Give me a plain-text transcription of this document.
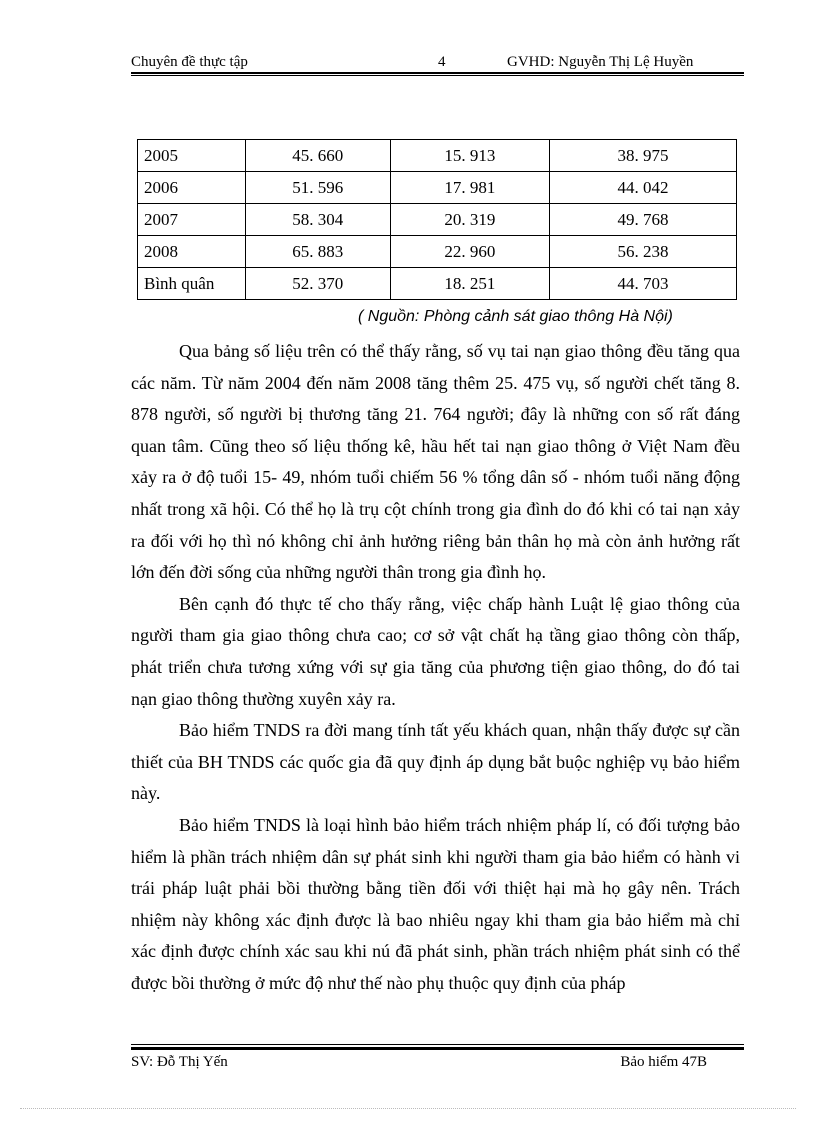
Chuyên đề thực tập	4	GVHD: Nguyễn Thị Lệ Huyền
2005	45. 660	15. 913	38. 975
2006	51. 596	17. 981	44. 042
2007	58. 304	20. 319	49. 768
2008	65. 883	22. 960	56. 238
Bình quân	52. 370	18. 251	44. 703
( Nguồn: Phòng cảnh sát giao thông Hà Nội)

Qua bảng số liệu trên có thể thấy rằng, số vụ tai nạn giao thông đều tăng qua các năm. Từ năm 2004 đến năm 2008 tăng thêm 25. 475 vụ, số người chết tăng 8. 878 người, số người bị thương tăng 21. 764 người; đây là những con số rất đáng quan tâm. Cũng theo số liệu thống kê, hầu hết tai nạn giao thông ở Việt Nam đều xảy ra ở độ tuổi 15- 49, nhóm tuổi chiếm 56 % tổng dân số - nhóm tuổi năng động nhất trong xã hội. Có thể họ là trụ cột chính trong gia đình do đó khi có tai nạn xảy ra đối với họ thì nó không chỉ ảnh hưởng riêng bản thân họ mà còn ảnh hưởng rất lớn đến đời sống của những người thân trong gia đình họ.

Bên cạnh đó thực tế cho thấy rằng, việc chấp hành Luật lệ giao thông của người tham gia giao thông chưa cao; cơ sở vật chất hạ tầng giao thông còn thấp, phát triển chưa tương xứng với sự gia tăng của phương tiện giao thông, do đó tai nạn giao thông thường xuyên xảy ra.

Bảo hiểm TNDS ra đời mang tính tất yếu khách quan, nhận thấy được sự cần thiết của BH TNDS các quốc gia đã quy định áp dụng bắt buộc nghiệp vụ bảo hiểm này.

Bảo hiểm TNDS là loại hình bảo hiểm trách nhiệm pháp lí, có đối tượng bảo hiểm là phần trách nhiệm dân sự phát sinh khi người tham gia bảo hiểm có hành vi trái pháp luật phải bồi thường bằng tiền đối với thiệt hại mà họ gây nên. Trách nhiệm này không xác định được là bao nhiêu ngay khi tham gia bảo hiểm mà chỉ xác định được chính xác sau khi nú đã phát sinh, phần trách nhiệm phát sinh có thể được bồi thường ở mức độ như thế nào phụ thuộc quy định của pháp

SV: Đỗ Thị Yến	Bảo hiểm 47B
